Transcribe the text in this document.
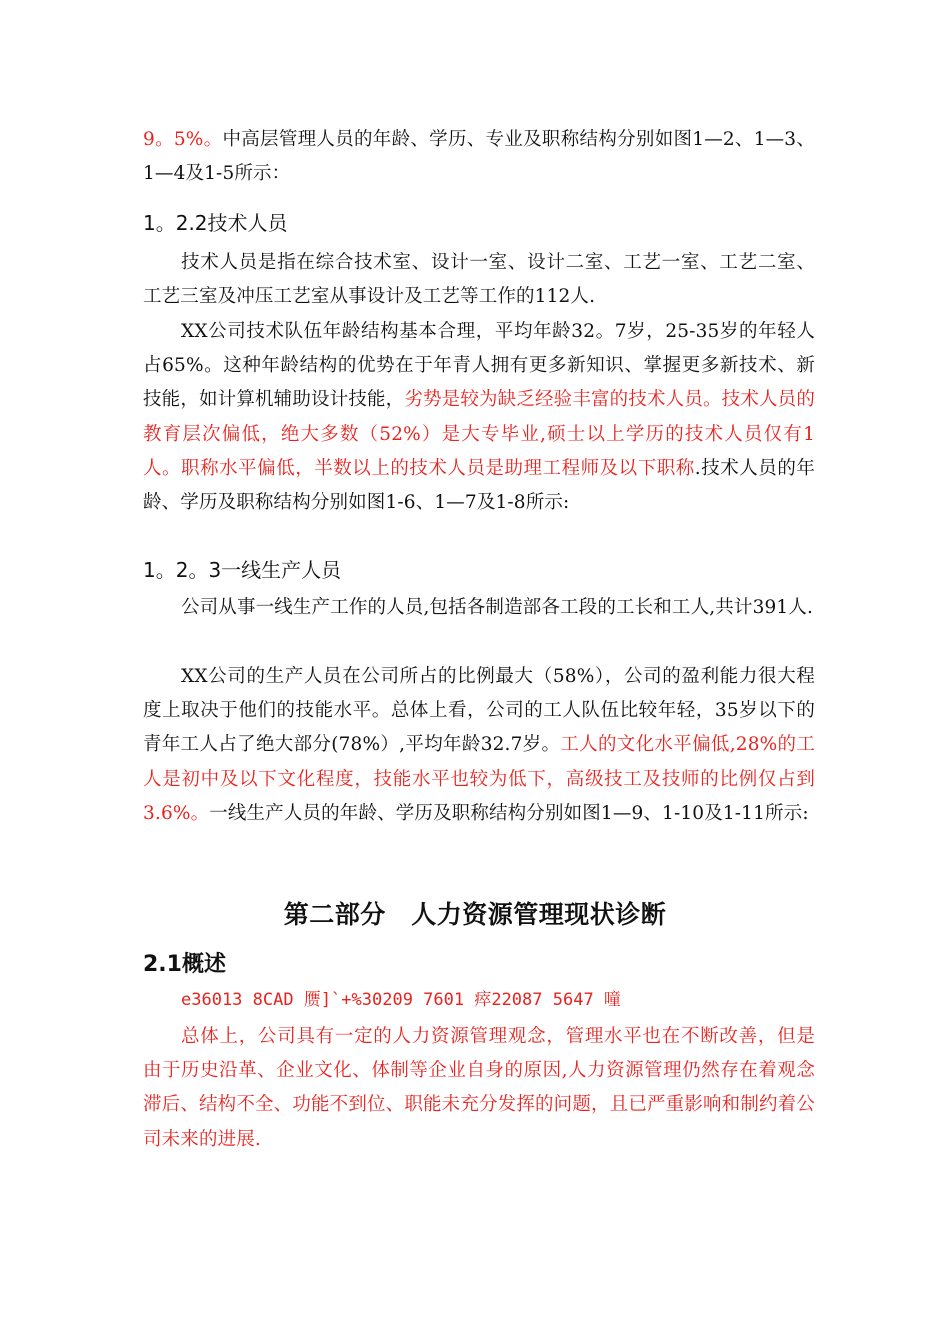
9。5%。中高层管理人员的年龄、学历、专业及职称结构分别如图1—2、1—3、1—4及1-5所示：

1。2.2技术人员

技术人员是指在综合技术室、设计一室、设计二室、工艺一室、工艺二室、工艺三室及冲压工艺室从事设计及工艺等工作的112人.

XX公司技术队伍年龄结构基本合理，平均年龄32。7岁，25-35岁的年轻人占65%。这种年龄结构的优势在于年青人拥有更多新知识、掌握更多新技术、新技能，如计算机辅助设计技能，劣势是较为缺乏经验丰富的技术人员。技术人员的教育层次偏低，绝大多数（52%）是大专毕业,硕士以上学历的技术人员仅有1人。职称水平偏低，半数以上的技术人员是助理工程师及以下职称.技术人员的年龄、学历及职称结构分别如图1-6、1—7及1-8所示:

1。2。3一线生产人员

公司从事一线生产工作的人员,包括各制造部各工段的工长和工人,共计391人.

XX公司的生产人员在公司所占的比例最大（58%），公司的盈利能力很大程度上取决于他们的技能水平。总体上看，公司的工人队伍比较年轻，35岁以下的青年工人占了绝大部分(78%）,平均年龄32.7岁。工人的文化水平偏低,28%的工人是初中及以下文化程度，技能水平也较为低下，高级技工及技师的比例仅占到3.6%。一线生产人员的年龄、学历及职称结构分别如图1—9、1-10及1-11所示:

第二部分　人力资源管理现状诊断
2.1概述

e36013 8CAD 赝]`+%30209 7601 瘁22087 5647 噇

总体上，公司具有一定的人力资源管理观念，管理水平也在不断改善，但是由于历史沿革、企业文化、体制等企业自身的原因,人力资源管理仍然存在着观念滞后、结构不全、功能不到位、职能未充分发挥的问题，且已严重影响和制约着公司未来的进展.
